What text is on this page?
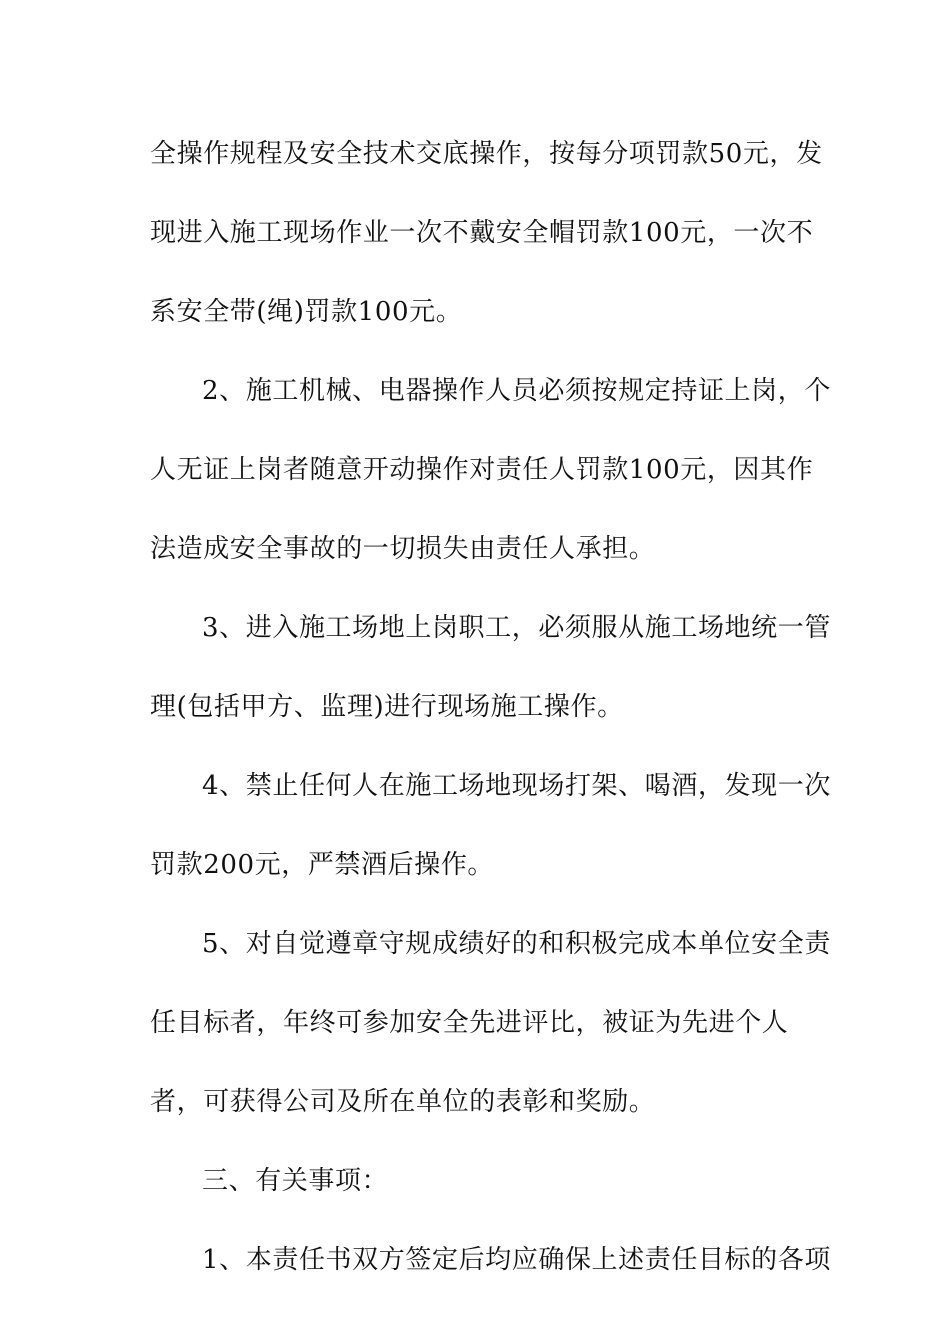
全操作规程及安全技术交底操作，按每分项罚款50元，发
现进入施工现场作业一次不戴安全帽罚款100元，一次不
系安全带(绳)罚款100元。
2、施工机械、电器操作人员必须按规定持证上岗，个
人无证上岗者随意开动操作对责任人罚款100元，因其作
法造成安全事故的一切损失由责任人承担。
3、进入施工场地上岗职工，必须服从施工场地统一管
理(包括甲方、监理)进行现场施工操作。
4、禁止任何人在施工场地现场打架、喝酒，发现一次
罚款200元，严禁酒后操作。
5、对自觉遵章守规成绩好的和积极完成本单位安全责
任目标者，年终可参加安全先进评比，被证为先进个人
者，可获得公司及所在单位的表彰和奖励。
三、有关事项：
1、本责任书双方签定后均应确保上述责任目标的各项
